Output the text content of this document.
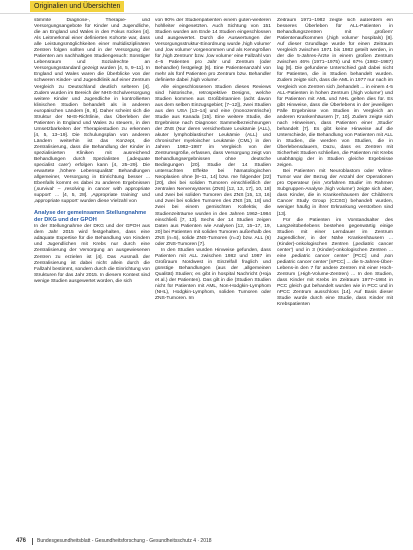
Originalien und Übersichten

stimmte Diagnose-, Therapie- und Versorgungsangebote für Kinder und Jugendliche, die an England und Wales in den Fokus rücken [4]. Als Leitmerkmal einer definierten Kohorte war, dass alle Leistungsmöglichkeiten einer multidisziplinären Zentren folgen sollten und in der Versorgung der Patienten am nachhaltigen Studiengesuch: Sonstiger Lebensraum und Sozialrechte an Versorgungsstandard gezeigt wurden [4, 5, 9–11]. In England und Wales waren die Überblicke von der schweren Kinder- und Jugendklinik auf einer Zentrum Vergleich zu Deutschland deutlich selteren [4]. Zudem wurden im Bereich der NHS-Schulversorgung weitere Kinder und Jugendliche in kontrollierten klinischen Studien behandelt als in anderen europäischen Ländern [6, 8]. Daher scheint sich die Struktur der NHS-Richtlinie, das Überleben der Patienten in England und Wales zu steuern, in den Umsetzbarkeiten der Therapiestudien zu erkennen [4, 5, 13–19]. Die Schulungsplan von anderen Ländern weiterhin ist das Konzept, die Zentralisierung, dass die Behandlung der Kinder in spezialisierten Kliniken mit ausreichend Behandlungen durch Spezialisten (‚adequate specialist care‘) erfolgen kann [4, 25–29]. Die erwartete ‚höhere Lebensqualität‘ Behandlungen allgemeiner, Versorgung in Einrichtung besser ... Ebenfalls kommt es dabei zu anderen Ergebnissen (‚survival‘ – ‚resolving in cancer with appropriate support‘ ... [4, 5, 28]. ‚Appropriate training‘ und ‚appropriate support‘ wurden diese Vielzahl von

Analyse der gemeinsamen Stellungnahme der DKG und der GPOH

In der Stellungnahme der DKG und der GPOH aus dem Jahr 2015 wird festgehalten, dass eine adäquate Expertise für die Behandlung von Kindern und Jugendlichen mit Krebs nur durch eine Zentralisierung der Versorgung an ausgewiesenen Zentren zu erzielen ist [4]. Das Ausmaß der Zentralisierung ist dabei nicht allein durch die Fallzahl bestimmt, sondern durch die Einrichtung von Strukturen für das Jahr 2015. In diesem Kontext sind wenige Studien ausgewertet worden, die sich

von 90% der Studienpatienten einem guten-weiteren hohlleiter eingesetzten. Auch Sichtung von 151 Studien wurden am Ende 14 Studien eingeschlossen und ausgewertet. Durch die Auswertungen der Versorgungsstruktur-Einordnung wurde ‚high volume‘ und ‚low volume‘ vorgenommen und als Kenngrößen für ‚high Zentrum‘ bzw. ‚low volume‘ eine Fallzahl von 4–5 Patienten pro Jahr und Zentrum (oder Behandler) festgelegt [6]. Eine Patientenanzahl von mehr als fünf Patienten pro Zentrum bzw. Behandler definierte dabei ‚high volume‘.

Alle eingeschlossenen Studien dieses Reviews sind historische, retrospektive Designs, welche Studien kommen aus Großbritannien (acht davon aus dem selben Einzugsgebiet; [7–12]), zwei Studien aus den USA [13–14] und eine (monozentrische) Studie aus Kanada [15]. Eine weitere Studie, die Ergebnisse nach Diagnose: Sammelbezeichnungen der ZNS (Nur deren versicherbare Leukämie (ALL), akuter lymphoblastischer Leukämie (ALL) und chronischer myeloischer Leukämie (CML) in den Jahren 1982–1987 im Vergleich von der Zentrumsgröße, erfassen, dass Versorgung zeigt von Behandlungsergebnissen ohne deutsche Bedingungen [20]. Studie der 14 Studien untersuchten Effekte bei hämatologischen Neoplasien ohne [8–11, 14] bzw. me folgender [22] [20], drei bei soliden Tumoren einschließlich der zentralen Nervensystems (ZNS) [12, 13, 17], 10, 18] und zwei bei soliden Tumoren des ZNS [15, 13, 16] und zwei bei soliden Tumoren des ZNS [15, 18] und zwei bei einem gemischten Kollektiv, die Studienzeiträume wurden in den Jahren 1962–1984 einschließ [7, 13]. Sechs der 14 Studien zeigen Daten aus Patienten wie Analysen [12, 15–17, 19, 20] bei Patienten mit soliden Tumoren außerhalb des ZNS (n=5), solide ZNS-Tumoren (n=2) bzw. ALL (6) oder ZNS-Tumoren [7].

In den Studien wurden Hinweise gefunden, dass Patienten mit ALL zwischen 1982 und 1987 im Großraum Nordwest in Einzelfall fraglich und günstige Behandlungen (aus der ‚allgemeinen Qualität) Studien; es gibt in hospital Nachricht (Hoja et al.) der Patienten). Das gilt in die (Studien Studien nicht für Patienten mit AML, Non-Hodgkin-Lymphom (NHL), Hodgkin-Lymphom, soliden Tumoren oder ZNS-Tumoren. Im

Zeitraum 1971–1982 zeigte sich außerdem ein besseres Überleben für ALL-Patienten in Behandlungszentren mit ‚großem‘ Patientenaufkommen (‚high volume‘ hospitals) [8]. Auf dieser Grundlage wurde für einen Zeitraum Vergleich zwischen 1971 bis 1982 geteilt werden, in der die 5-Jahres-Ärzte in einem großen Zentrum zwischen 46% (1971–1975) und 67% (1982–1987) lag [8]. Die gefundene Unterschied galt dabei nicht für Patienten, die in Studien behandelt wurden. Zudem zeigte sich, dass die AML in 1977 nur nach im Vergleich von Zentren sich ‚behandelt ... in einem 4-5 ALL-Patienten in hohen Zentrum (‚high volume‘) und für Patienten mit AML und NHL gelten dies für. Es gibt Hinweise, dass die Überlebens in der jeweiligen Fälle Ergebnisse von Studien im Vergleich an anderen Krankenhäusern [7, 10]. Zudem zeigte sich nach Hinweisen, dass Patienten einer ‚Studie‘ behandelt [7]. Es gibt keine Hinweise auf die Unterschiede, die Behandlung von Patienten mit ALL in Studien, die werden von Studien, die in Überlebensdauern, Dazu, dass es Zentren mit Sicherheit Studien schließen, die Patienten mit Krebs unabhängig der in Studien gleiche Ergebnisse zeigen.

Bei Patienten mit Neuroblastom oder Wilms-Tumor war der Bezug der Anzahl der Operationen pro Operateur (ein ‚Vorfahren Studie‘ im Rahmen Subgruppen-Analyse ‚high volume‘) zeigte sich aber, dass Kinder, die in Krankenhäusern der Children’s Cancer Study Group (CCSG) behandelt wurden, weniger häufig in ihrer Erkrankung verstorben sind [13].

Für die Patienten im Vorstandsalter des Langzeitüberlebens bestehen gegenwärtig einige Studien mit einer Lerndauer im Zentrum Jugendlicher, in der Nähe Krankenhäusern ... (Kinder)-onkologischen Zentren (‚pediatric cancer center‘) und in 3 (Kinder)-onkologischen Zentren ... eine ‚pediatric cancer center‘ [PCC] und ‚non pediatric cancer center‘ [nPCC] ... die 5-Jahres-Über-Lebens-in den 7 für andere Zentren mit einer Hoch-Zentrum (‚High-Volume-Zentren) ... In den Studien, dass Kinder mit Krebs im Zeitraum 1977–1984 in PCC gleich gut behandelt wurden wie in PCC und in nPCC Zentrum ausschloss [14]. Auf Basis dieser Studie wurde durch eine Studie, dass Kinder mit Krebspatienten

476 Bundesgesundheitsblatt - Gesundheitsforschung - Gesundheitsschutz 4 · 2018
